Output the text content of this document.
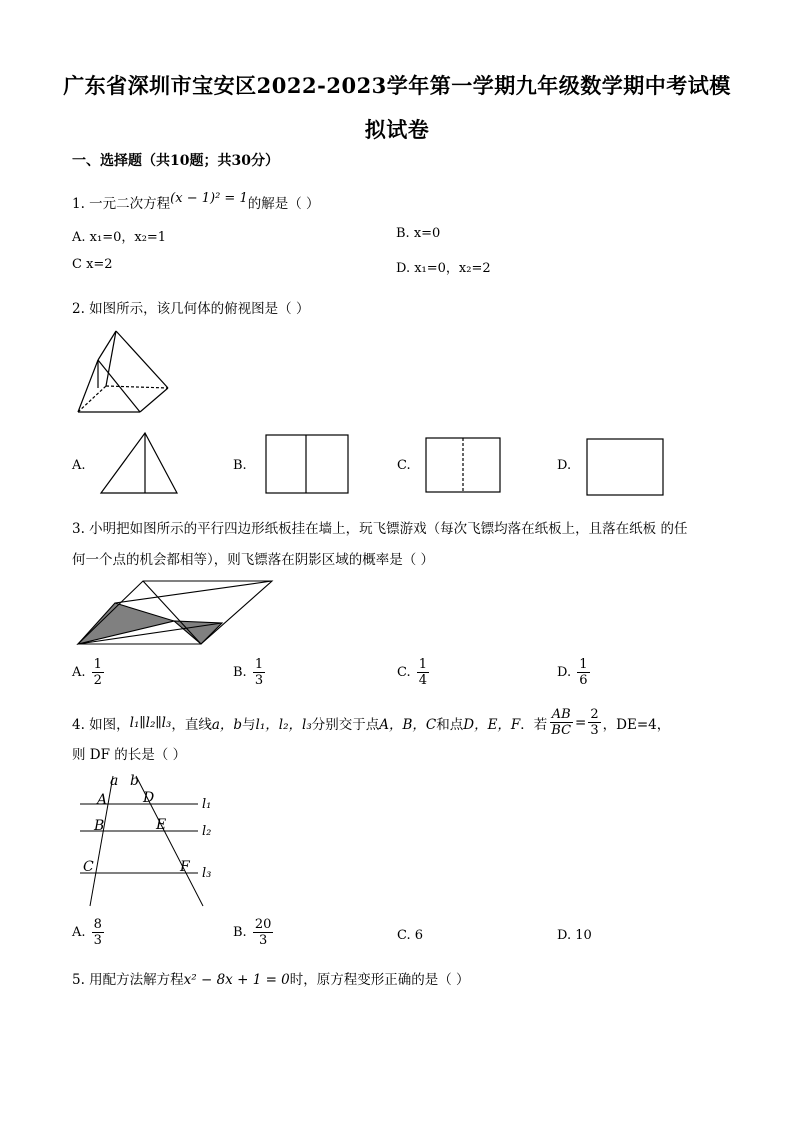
广东省深圳市宝安区2022-2023学年第一学期九年级数学期中考试模
拟试卷
一、选择题（共10题；共30分）
1. 一元二次方程(x − 1)² = 1的解是（ ）
A. x₁=0，x₂=1	B. x=0
C x=2	D. x₁=0，x₂=2
2. 如图所示，该几何体的俯视图是（ ）
A.	B.	C.	D.
3. 小明把如图所示的平行四边形纸板挂在墙上，玩飞镖游戏（每次飞镖均落在纸板上，且落在纸板 的任
何一个点的机会都相等），则飞镖落在阴影区域的概率是（ ）
A. $\frac{1}{2}$	B. $\frac{1}{3}$	C. $\frac{1}{4}$	D. $\frac{1}{6}$
4. 如图， l₁∥l₂∥l₃ ，直线 a，b 与 l₁，l₂，l₃ 分别交于点 A，B，C 和点 D，E，F ．若 $\frac{AB}{BC} = \frac{2}{3}$ ，DE=4，
则 DF 的长是（ ）
a b
A	D
B	E
C	F
l₁
l₂
l₃
A. $\frac{8}{3}$	B. $\frac{20}{3}$	C. 6	D. 10
5. 用配方法解方程x² − 8x + 1 = 0时，原方程变形正确的是（ ）
